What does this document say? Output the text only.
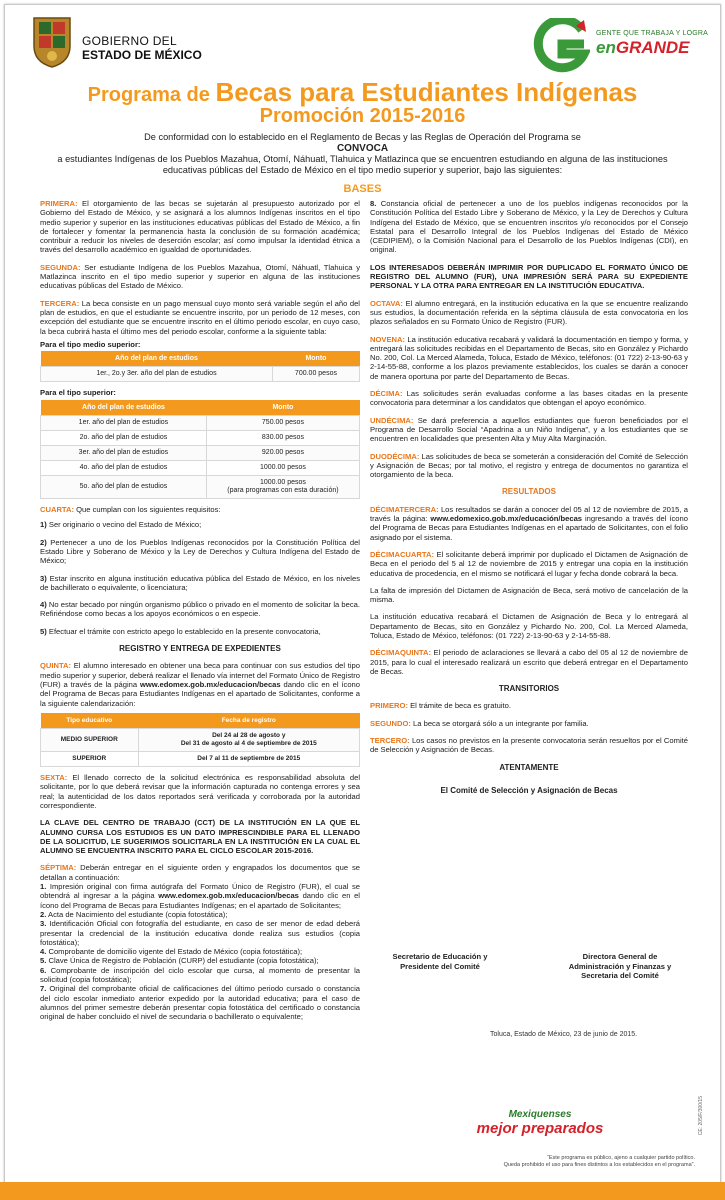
GOBIERNO DEL
ESTADO DE MÉXICO
GENTE QUE TRABAJA Y LOGRA
enGRANDE
Programa de Becas para Estudiantes Indígenas
Promoción 2015-2016
De conformidad con lo establecido en el Reglamento de Becas y las Reglas de Operación del Programa se
CONVOCA
a estudiantes Indígenas de los Pueblos Mazahua, Otomí, Náhuatl, Tlahuica y Matlazinca que se encuentren estudiando en alguna de las instituciones educativas públicas del Estado de México en el tipo medio superior y superior, bajo las siguientes:
BASES

PRIMERA: El otorgamiento de las becas se sujetarán al presupuesto autorizado por el Gobierno del Estado de México, y se asignará a los alumnos Indígenas inscritos en el tipo medio superior y superior en las instituciones educativas públicas del Estado de México, a fin de fortalecer y fomentar la permanencia hasta la conclusión de su formación académica; contribuir a reducir los niveles de deserción escolar; así como impulsar la identidad étnica a través del desarrollo académico en igualdad de oportunidades.

SEGUNDA: Ser estudiante Indígena de los Pueblos Mazahua, Otomí, Náhuatl, Tlahuica y Matlazinca inscrito en el tipo medio superior y superior en alguna de las instituciones educativas públicas del Estado de México.

TERCERA: La beca consiste en un pago mensual cuyo monto será variable según el año del plan de estudios, en que el estudiante se encuentre inscrito, por un periodo de 12 meses, con excepción del estudiante que se encuentre inscrito en el último periodo escolar, en cuyo caso, la beca cubrirá hasta el último mes del periodo escolar, conforme a la siguiente tabla:

Para el tipo medio superior:
Año del plan de estudios	Monto
1er., 2o.y 3er. año del plan de estudios	700.00 pesos
Para el tipo superior:
Año del plan de estudios	Monto
1er. año del plan de estudios	750.00 pesos
2o. año del plan de estudios	830.00 pesos
3er. año del plan de estudios	920.00 pesos
4o. año del plan de estudios	1000.00 pesos
5o. año del plan de estudios	1000.00 pesos
(para programas con esta duración)

CUARTA: Que cumplan con los siguientes requisitos:

1) Ser originario o vecino del Estado de México;

2) Pertenecer a uno de los Pueblos Indígenas reconocidos por la Constitución Política del Estado Libre y Soberano de México y la Ley de Derechos y Cultura Indígena del Estado de México;

3) Estar inscrito en alguna institución educativa pública del Estado de México, en los niveles de bachillerato o equivalente, o licenciatura;

4) No estar becado por ningún organismo público o privado en el momento de solicitar la beca. Refiriéndose como becas a los apoyos económicos o en especie.

5) Efectuar el trámite con estricto apego lo establecido en la presente convocatoria,

REGISTRO Y ENTREGA DE EXPEDIENTES

QUINTA: El alumno interesado en obtener una beca para continuar con sus estudios del tipo medio superior y superior, deberá realizar el llenado vía internet del Formato Único de Registro (FUR) a través de la página www.edomex.gob.mx/educacion/becas dando clic en el ícono del Programa de Becas para Estudiantes Indígenas en el apartado de Solicitantes, conforme a la siguiente calendarización:

Tipo educativo	Fecha de registro
MEDIO SUPERIOR	Del 24 al 28 de agosto y
Del 31 de agosto al 4 de septiembre de 2015

SUPERIOR	Del 7 al 11 de septiembre de 2015

SEXTA: El llenado correcto de la solicitud electrónica es responsabilidad absoluta del solicitante, por lo que deberá revisar que la información capturada no contenga errores y sea real; la autenticidad de los datos reportados será verificada y corroborada por la autoridad correspondiente.

LA CLAVE DEL CENTRO DE TRABAJO (CCT) DE LA INSTITUCIÓN EN LA QUE EL ALUMNO CURSA LOS ESTUDIOS ES UN DATO IMPRESCINDIBLE PARA EL LLENADO DE LA SOLICITUD, LE SUGERIMOS SOLICITARLA EN LA INSTITUCIÓN EN LA CUAL EL ALUMNO SE ENCUENTRA INSCRITO PARA EL CICLO ESCOLAR 2015-2016.

SÉPTIMA: Deberán entregar en el siguiente orden y engrapados los documentos que se detallan a continuación:
1. Impresión original con firma autógrafa del Formato Único de Registro (FUR), el cual se obtendrá al ingresar a la página www.edomex.gob.mx/educacion/becas dando clic en el ícono del Programa de Becas para Estudiantes Indígenas; en el apartado de Solicitantes;
2. Acta de Nacimiento del estudiante (copia fotostática);
3. Identificación Oficial con fotografía del estudiante, en caso de ser menor de edad deberá presentar la credencial de la institución educativa donde realiza sus estudios (copia fotostática);
4. Comprobante de domicilio vigente del Estado de México (copia fotostática);
5. Clave Única de Registro de Población (CURP) del estudiante (copia fotostática);
6. Comprobante de inscripción del ciclo escolar que cursa, al momento de presentar la solicitud (copia fotostática);
7. Original del comprobante oficial de calificaciones del último periodo cursado o constancia del ciclo escolar inmediato anterior expedido por la autoridad educativa; para el caso de alumnos del primer semestre deberán presentar copia fotostática del certificado o constancia original de haber concluido el nivel de secundaria o bachillerato o equivalente;

8. Constancia oficial de pertenecer a uno de los pueblos indígenas reconocidos por la Constitución Política del Estado Libre y Soberano de México, y la Ley de Derechos y Cultura Indígena del Estado de México, que se encuentren inscritos y/o reconocidos por el Consejo Estatal para el Desarrollo Integral de los Pueblos Indígenas del Estado de México (CEDIPIEM), o la Comisión Nacional para el Desarrollo de los Pueblos Indígenas (CDI), en original.

LOS INTERESADOS DEBERÁN IMPRIMIR POR DUPLICADO EL FORMATO ÚNICO DE REGISTRO DEL ALUMNO (FUR), UNA IMPRESIÓN SERÁ PARA SU EXPEDIENTE PERSONAL Y LA OTRA PARA ENTREGAR EN LA INSTITUCIÓN EDUCATIVA.

OCTAVA: El alumno entregará, en la institución educativa en la que se encuentre realizando sus estudios, la documentación referida en la séptima cláusula de esta convocatoria en los plazos señalados en su Formato Único de Registro (FUR).

NOVENA: La institución educativa recabará y validará la documentación en tiempo y forma, y entregará las solicitudes recibidas en el Departamento de Becas, sito en González y Pichardo No. 200, Col. La Merced Alameda, Toluca, Estado de México, teléfonos: (01 722) 2-13-90-63 y 2-14-55-88, conforme a los plazos previamente establecidos, los cuales se darán a conocer de manera oportuna por parte del Departamento de Becas.

DÉCIMA: Las solicitudes serán evaluadas conforme a las bases citadas en la presente convocatoria para determinar a los candidatos que obtengan el apoyo económico.

UNDÉCIMA: Se dará preferencia a aquellos estudiantes que fueron beneficiados por el Programa de Desarrollo Social “Apadrina a un Niño Indígena”, y a los estudiantes que se encuentren en localidades que presenten Alta y Muy Alta Marginación.

DUODÉCIMA: Las solicitudes de beca se someterán a consideración del Comité de Selección y Asignación de Becas; por tal motivo, el registro y entrega de documentos no garantiza el otorgamiento de la beca.

RESULTADOS

DÉCIMATERCERA: Los resultados se darán a conocer del 05 al 12 de noviembre de 2015, a través la página: www.edomexico.gob.mx/educación/becas ingresando a través del ícono del Programa de Becas para Estudiantes Indígenas en el apartado de Solicitantes, con el folio asignado por el sistema.

DÉCIMACUARTA: El solicitante deberá imprimir por duplicado el Dictamen de Asignación de Beca en el periodo del 5 al 12 de noviembre de 2015 y entregar una copia en la institución educativa de procedencia, en el mismo se notificará el lugar y fecha donde cobrará la beca.

La falta de impresión del Dictamen de Asignación de Beca, será motivo de cancelación de la misma.

La institución educativa recabará el Dictamen de Asignación de Beca y lo entregará al Departamento de Becas, sito en González y Pichardo No. 200, Col. La Merced Alameda, Toluca, Estado de México, teléfonos: (01 722) 2-13-90-63 y 2-14-55-88.

DÉCIMAQUINTA: El periodo de aclaraciones se llevará a cabo del 05 al 12 de noviembre de 2015, para lo cual el interesado realizará un escrito que deberá entregar en el Departamento de Becas.

TRANSITORIOS

PRIMERO: El trámite de beca es gratuito.

SEGUNDO: La beca se otorgará sólo a un integrante por familia.

TERCERO: Los casos no previstos en la presente convocatoria serán resueltos por el Comité de Selección y Asignación de Becas.

ATENTAMENTE
El Comité de Selección y Asignación de Becas
Secretario de Educación y
Presidente del Comité
Directora General de
Administración y Finanzas y
Secretaria del Comité
Toluca, Estado de México, 23 de junio de 2015.
Mexiquenses
mejor preparados	CE: 205/F/300/15
“Este programa es público, ajeno a cualquier partido político.
Queda prohibido el uso para fines distintos a los establecidos en el programa”.
